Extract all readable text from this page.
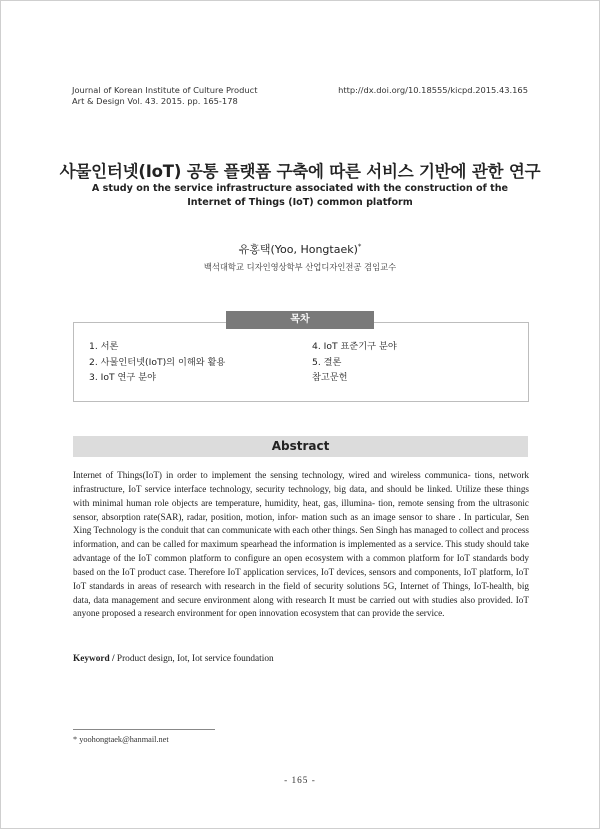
Journal of Korean Institute of Culture Product
Art & Design Vol. 43. 2015. pp. 165-178
http://dx.doi.org/10.18555/kicpd.2015.43.165
사물인터넷(IoT) 공통 플랫폼 구축에 따른 서비스 기반에 관한 연구
A study on the service infrastructure associated with the construction of the
Internet of Things (IoT) common platform
유홍택(Yoo, Hongtaek)*
백석대학교 디자인영상학부 산업디자인전공 겸임교수
목차
1. 서론
2. 사물인터넷(IoT)의 이해와 활용
3. IoT 연구 분야
4. IoT 표준기구 분야
5. 결론
참고문헌
Abstract
Internet of Things(IoT) in order to implement the sensing technology, wired and wireless communica- tions, network infrastructure, IoT service interface technology, security technology, big data, and should be linked. Utilize these things with minimal human role objects are temperature, humidity, heat, gas, illumina- tion, remote sensing from the ultrasonic sensor, absorption rate(SAR), radar, position, motion, infor- mation such as an image sensor to share . In particular, Sen Xing Technology is the conduit that can communicate with each other things. Sen Singh has managed to collect and process information, and can be called for maximum spearhead the information is implemented as a service. This study should take advantage of the IoT common platform to configure an open ecosystem with a common platform for IoT standards body based on the IoT product case. Therefore IoT application services, IoT devices, sensors and components, IoT platform, IoT IoT standards in areas of research with research in the field of security solutions 5G, Internet of Things, IoT-health, big data, data management and secure environment along with research It must be carried out with studies also provided. IoT anyone proposed a research environment for open innovation ecosystem that can provide the service.
Keyword / Product design, Iot, Iot service foundation
* yoohongtaek@hanmail.net
- 165 -
